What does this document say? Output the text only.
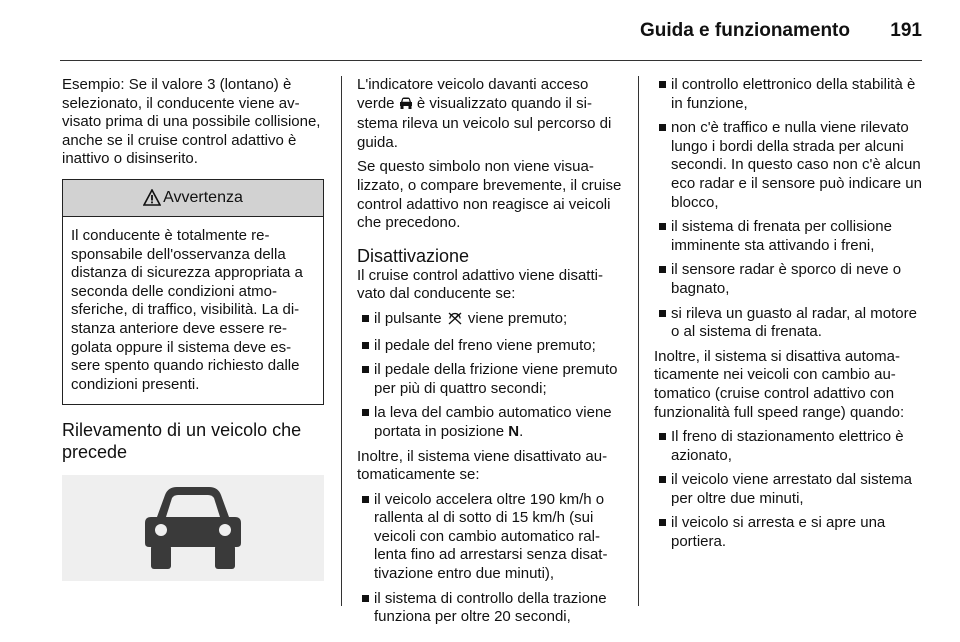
Guida e funzionamento 191

Esempio: Se il valore 3 (lontano) è selezionato, il conducente viene avvisato prima di una possibile collisione, anche se il cruise control adattivo è inattivo o disinserito.

Avvertenza
Il conducente è totalmente responsabile dell'osservanza della distanza di sicurezza appropriata a seconda delle condizioni atmosferiche, di traffico, visibilità. La distanza anteriore deve essere regolata oppure il sistema deve essere spento quando richiesto dalle condizioni presenti.
Rilevamento di un veicolo che precede

L'indicatore veicolo davanti acceso verde è visualizzato quando il sistema rileva un veicolo sul percorso di guida.

Se questo simbolo non viene visualizzato, o compare brevemente, il cruise control adattivo non reagisce ai veicoli che precedono.

Disattivazione

Il cruise control adattivo viene disattivato dal conducente se:

il pulsante viene premuto;
il pedale del freno viene premuto;
il pedale della frizione viene premuto per più di quattro secondi;
la leva del cambio automatico viene portata in posizione N.

Inoltre, il sistema viene disattivato automaticamente se:

il veicolo accelera oltre 190 km/h o rallenta al di sotto di 15 km/h (sui veicoli con cambio automatico rallenta fino ad arrestarsi senza disattivazione entro due minuti),
il sistema di controllo della trazione funziona per oltre 20 secondi,
il controllo elettronico della stabilità è in funzione,
non c'è traffico e nulla viene rilevato lungo i bordi della strada per alcuni secondi. In questo caso non c'è alcun eco radar e il sensore può indicare un blocco,
il sistema di frenata per collisione imminente sta attivando i freni,
il sensore radar è sporco di neve o bagnato,
si rileva un guasto al radar, al motore o al sistema di frenata.

Inoltre, il sistema si disattiva automaticamente nei veicoli con cambio automatico (cruise control adattivo con funzionalità full speed range) quando:

Il freno di stazionamento elettrico è azionato,
il veicolo viene arrestato dal sistema per oltre due minuti,
il veicolo si arresta e si apre una portiera.
